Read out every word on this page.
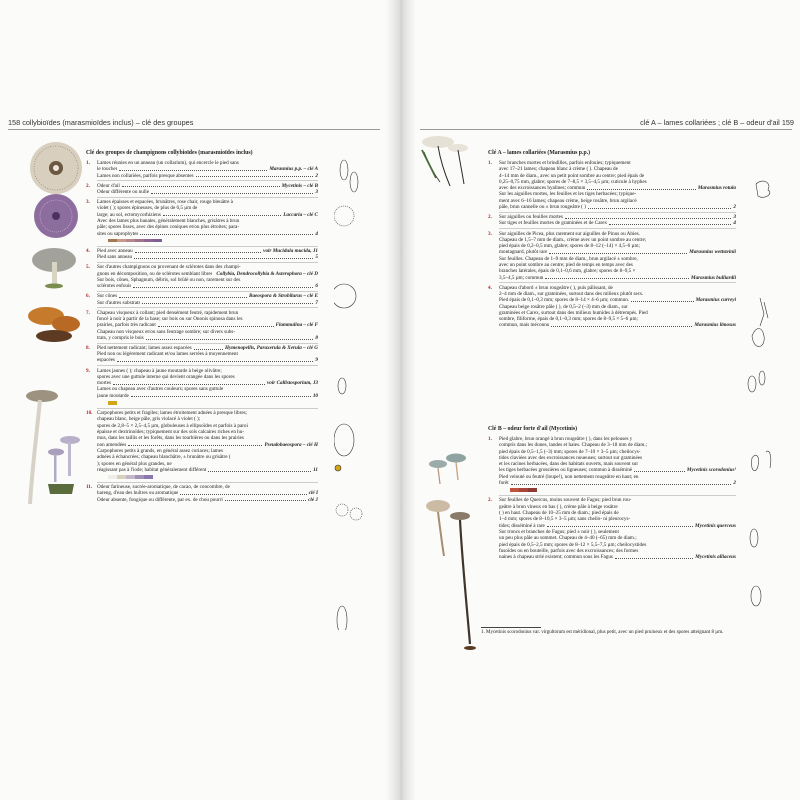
158 collybioïdes (marasmioïdes inclus) – clé des groupes	clé A – lames collariées ; clé B – odeur d'ail 159
Clé des groupes de champignons collybioïdes (marasmioïdes inclus)
1. Lames réunies en un anneau (un collarium), qui encercle le pied sans

le toucher	Marasmius p.p. – clé A
Lames non collariées, parfois presque absentes	2
2. Odeur d'ail	Mycetinis – clé B
Odeur différente ou nulle	3
3. Lames épaisses et espacées, brunâtres, rose chair, rouge bleuâtre à

violet ( ); spores épineuses, de plus de 6,5 µm de

large; au sol, ectomycorhiziens	Laccaria – clé C

Avec des lames plus banales, généralement blanches, grisâtres à brun

pâle; spores lisses, avec des épines coniques et/ou plus étroites; para-

sites ou saprophytes	4
4. Pied avec anneau	voir Mucidula mucida, J1
Pied sans anneau	5
5. Sur d'autres champignons ou provenant de sclérotes dans des champi-

gnons en décomposition, ou de sclérotes semblant libres Collybia, Dendrocollybia & Asterophora – clé D

Sur bois, cônes, Sphagnum, débris, sol brûlé ou non, rarement sur des

sclérotes enfouis	6
6. Sur cônes	Baeospora & Strobilurus – clé E
Sur d'autres substrats	7
7. Chapeau visqueux à collant; pied densément feutré, rapidement brun

foncé à noir à partir de la base; sur bois ou sur Ononis spinosa dans les

prairies, parfois très radicant	Flammulina – clé F

Chapeau non visqueux et/ou sans feutrage sombre; sur divers subs-

trats, y compris le bois	8
8. Pied nettement radicant; lames assez espacées	Hymenopellis, Paraxerula & Xerula – clé G

Pied non ou légèrement radicant et/ou lames serrées à moyennement

espacées	9
9. Lames jaunes ( ); chapeau à jaune moutarde à beige olivâtre;

spores avec une guttule interne qui devient orangée dans les spores

mortes	voir Callistosporium, J3

Lames ou chapeau avec d'autres couleurs; spores sans guttule

jaune moutarde	10
10. Carpophores petits et fragiles; lames étroitement adnées à presque libres;

chapeau blanc, beige pâle, gris violacé à violet ( );

spores de 2,8–5 × 2,5–4,5 µm, globuleuses à ellipsoïdes et parfois à paroi

épaisse et dextrinoïdes; typiquement sur des sols calcaires riches en hu-

mus, dans les taillis et les forêts, dans les tourbières ou dans les prairies

non amendées	Pseudobaeospora – clé H

Carpophores petits à grands, en général assez coriaces; lames

adnées à échancrées; chapeau blanchâtre, ± brunâtre ou grisâtre (

); spores en général plus grandes, ne

réagissant pas à l'iode; habitat généralement différent	11
11. Odeur farineuse, sucrée-aromatique, de cacao, de concombre, de

hareng, d'eau des huîtres ou aromatique	clé I
Odeur absente, fongique ou différente, par ex. de chou pourri	clé J
Clé A – lames collariées (Marasmius p.p.)
1. Sur branches mortes et brindilles, parfois enfouies; typiquement

avec 17–21 lames; chapeau blanc à crème ( ). Chapeau de

4–14 mm de diam., avec un petit point sombre au centre; pied épais de

0,25–0,75 mm, glabre; spores de 7–8,5 × 3,5–4,5 µm; cuticule à hyphes

avec des excroissances hyalines; commun	Marasmius rotula

Sur les aiguilles mortes, les feuilles et les tiges herbacées; typique-

ment avec 6–16 lames; chapeau crème, beige rosâtre, brun argilacé

pâle, brun cannelle ou ± brun rougeâtre ( )	2
2. Sur aiguilles ou feuilles mortes	3
Sur tiges et feuilles mortes de graminées et de Carex	4
3. Sur aiguilles de Picea, plus rarement sur aiguilles de Pinus ou Abies.

Chapeau de 1,5–7 mm de diam., crème avec un point sombre au centre;

pied épais de 0,2–0,5 mm, glabre; spores de 8–12 (–14) × 4,5–6 µm;

montagnard, plutôt rare	Marasmius wettsteinii

Sur feuilles. Chapeau de 1–9 mm de diam., brun argilacé ± sombre,

avec un point sombre au centre; pied de temps en temps avec des

branches latérales, épais de 0,1–0,6 mm, glabre; spores de 8–9,5 ×

3,5–4,5 µm; commun	Marasmius bulliardii
4. Chapeau d'abord ± brun rougeâtre ( ), puis pâlissant, de

2–4 mm de diam., sur graminées, surtout dans des milieux plutôt secs.

Pied épais de 0,1–0,3 mm; spores de 8–14 × 4–6 µm; commun.	Marasmius curreyi

Chapeau beige rosâtre pâle ( ), de 0,5–2 (–3) mm de diam., sur

graminées et Carex, surtout dans des milieux humides à détrempés. Pied

sombre, filiforme, épais de 0,1–0,3 mm; spores de 8–9,5 × 5–6 µm;

commun, mais méconnu	Marasmius limosus
Clé B – odeur forte d'ail (Mycetinis)
1. Pied glabre, brun orangé à brun rougeâtre ( ), dans les pelouses y

compris dans les dunes, landes et haies. Chapeau de 3–18 mm de diam.;

pied épais de 0,5–1,5 (–3) mm; spores de 7–10 × 3–5 µm; cheilocys-

tides claviées avec des excroissances noueuses; surtout sur graminées

et les racines herbacées, dans des habitats ouverts, mais souvent sur

les tiges herbacées grossières ou ligneuses; commun à disséminé	Mycetinis scorodonius¹

Pied velouté ou feutré (loupe!), non nettement rougeâtre en haut; en

forêt	2
2. Sur feuilles de Quercus, moins souvent de Fagus; pied brun rou-

geâtre à brun vineux en bas ( ), crème pâle à beige rosâtre

( ) en haut. Chapeau de 10–25 mm de diam.; pied épais de

1–4 mm; spores de 8–10,5 × 3–5 µm; sans cheilo- ni pleurocys-

tides; disséminé à rare	Mycetinis querceus

Sur troncs et branches de Fagus; pied ± noir ( ), seulement

un peu plus pâle au sommet. Chapeau de 4–40 (–65) mm de diam.;

pied épais de 0,5–2,5 mm; spores de 8–12 × 5,5–7,5 µm; cheilocystides

fusoïdes ou en bouteille, parfois avec des excroissances; des formes

naines à chapeau strié existent; commun sous les Fagus	Mycetinis alliaceus
1. Mycetinis scorodonius var. virgultorum est méridional, plus petit, avec un pied pruineux et des spores atteignant 8 µm.
